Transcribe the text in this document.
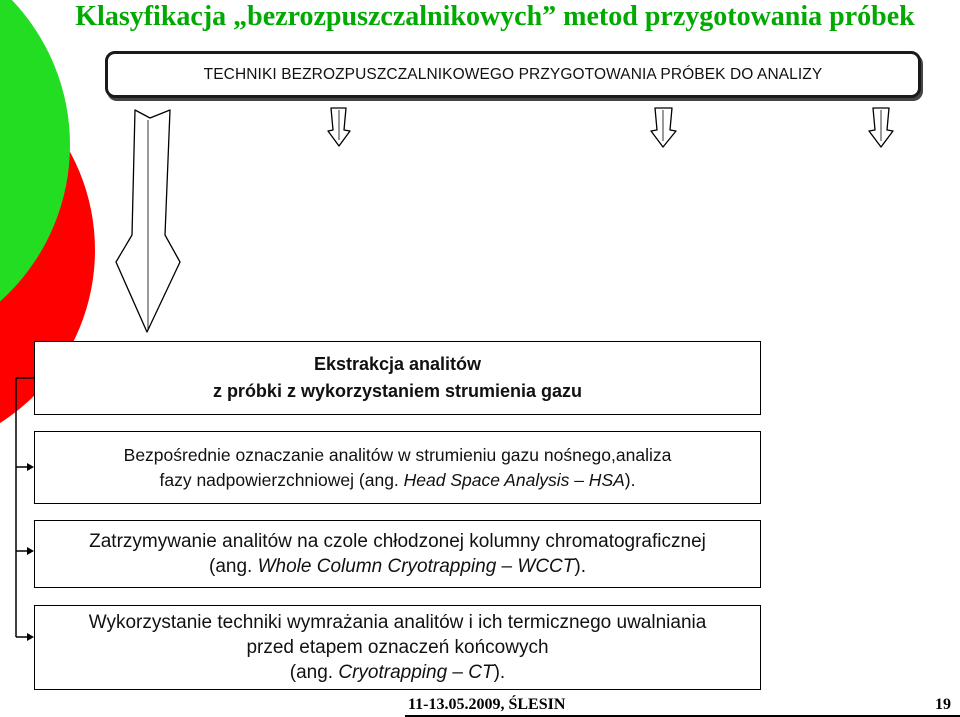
Klasyfikacja „bezrozpuszczalnikowych” metod przygotowania próbek
TECHNIKI BEZROZPUSZCZALNIKOWEGO PRZYGOTOWANIA PRÓBEK DO ANALIZY
Ekstrakcja analitów
z próbki z wykorzystaniem strumienia gazu
Bezpośrednie oznaczanie analitów w strumieniu gazu nośnego,analiza
fazy nadpowierzchniowej (ang. Head Space Analysis – HSA).
Zatrzymywanie analitów na czole chłodzonej kolumny chromatograficznej
(ang. Whole Column Cryotrapping – WCCT).
Wykorzystanie techniki wymrażania analitów i ich termicznego uwalniania
przed etapem oznaczeń końcowych
(ang. Cryotrapping – CT).
11-13.05.2009, ŚLESIN	19
